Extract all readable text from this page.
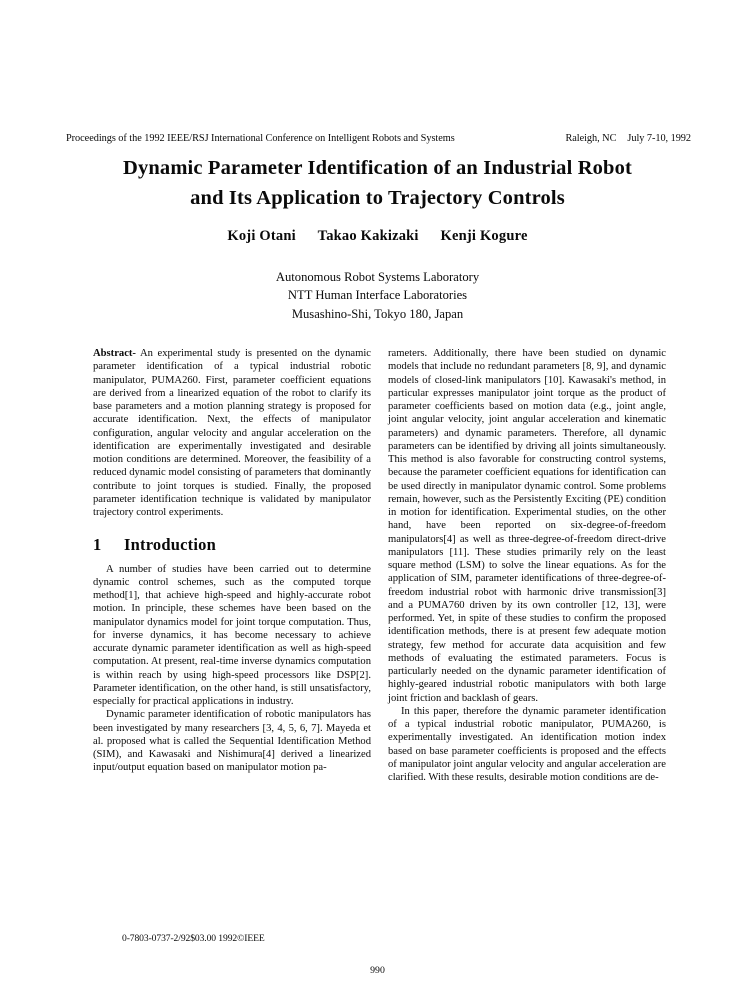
Proceedings of the 1992 IEEE/RSJ International Conference on Intelligent Robots and Systems	Raleigh, NC July 7-10, 1992
Dynamic Parameter Identification of an Industrial Robot
and Its Application to Trajectory Controls
Koji Otani Takao Kakizaki Kenji Kogure
Autonomous Robot Systems Laboratory
NTT Human Interface Laboratories
Musashino-Shi, Tokyo 180, Japan

Abstract- An experimental study is presented on the dynamic parameter identification of a typical industrial robotic manipulator, PUMA260. First, parameter coefficient equations are derived from a linearized equation of the robot to clarify its base parameters and a motion planning strategy is proposed for accurate identification. Next, the effects of manipulator configuration, angular velocity and angular acceleration on the identification are experimentally investigated and desirable motion conditions are determined. Moreover, the feasibility of a reduced dynamic model consisting of parameters that dominantly contribute to joint torques is studied. Finally, the proposed parameter identification technique is validated by manipulator trajectory control experiments.

1	Introduction

A number of studies have been carried out to determine dynamic control schemes, such as the computed torque method[1], that achieve high-speed and highly-accurate robot motion. In principle, these schemes have been based on the manipulator dynamics model for joint torque computation. Thus, for inverse dynamics, it has become necessary to achieve accurate dynamic parameter identification as well as high-speed computation. At present, real-time inverse dynamics computation is within reach by using high-speed processors like DSP[2]. Parameter identification, on the other hand, is still unsatisfactory, especially for practical applications in industry.

Dynamic parameter identification of robotic manipulators has been investigated by many researchers [3, 4, 5, 6, 7]. Mayeda et al. proposed what is called the Sequential Identification Method (SIM), and Kawasaki and Nishimura[4] derived a linearized input/output equation based on manipulator motion pa-

rameters. Additionally, there have been studied on dynamic models that include no redundant parameters [8, 9], and dynamic models of closed-link manipulators [10]. Kawasaki's method, in particular expresses manipulator joint torque as the product of parameter coefficients based on motion data (e.g., joint angle, joint angular velocity, joint angular acceleration and kinematic parameters) and dynamic parameters. Therefore, all dynamic parameters can be identified by driving all joints simultaneously. This method is also favorable for constructing control systems, because the parameter coefficient equations for identification can be used directly in manipulator dynamic control. Some problems remain, however, such as the Persistently Exciting (PE) condition in motion for identification. Experimental studies, on the other hand, have been reported on six-degree-of-freedom manipulators[4] as well as three-degree-of-freedom direct-drive manipulators [11]. These studies primarily rely on the least square method (LSM) to solve the linear equations. As for the application of SIM, parameter identifications of three-degree-of-freedom industrial robot with harmonic drive transmission[3] and a PUMA760 driven by its own controller [12, 13], were performed. Yet, in spite of these studies to confirm the proposed identification methods, there is at present few adequate motion strategy, few method for accurate data acquisition and few methods of evaluating the estimated parameters. Focus is particularly needed on the dynamic parameter identification of highly-geared industrial robotic manipulators with both large joint friction and backlash of gears.

In this paper, therefore the dynamic parameter identification of a typical industrial robotic manipulator, PUMA260, is experimentally investigated. An identification motion index based on base parameter coefficients is proposed and the effects of manipulator joint angular velocity and angular acceleration are clarified. With these results, desirable motion conditions are de-

0-7803-0737-2/92$03.00 1992©IEEE
990
